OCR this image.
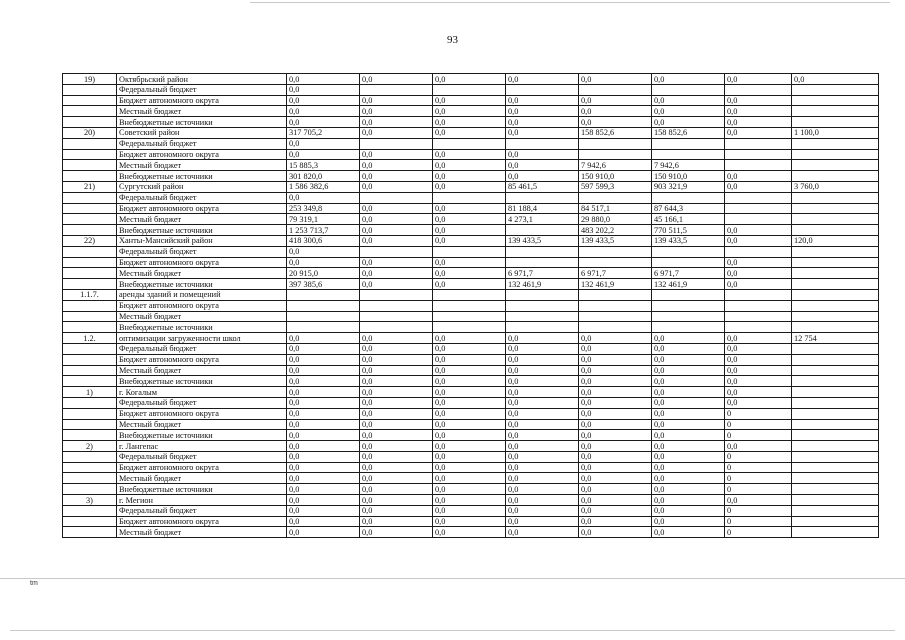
93
19)	Октябрьский район	0,0	0,0	0,0	0,0	0,0	0,0	0,0	0,0
	Федеральный бюджет	0,0							
	Бюджет автономного округа	0,0	0,0	0,0	0,0	0,0	0,0	0,0	
	Местный бюджет	0,0	0,0	0,0	0,0	0,0	0,0	0,0	
	Внебюджетные источники	0,0	0,0	0,0	0,0	0,0	0,0	0,0	
20)	Советский район	317 705,2	0,0	0,0	0,0	158 852,6	158 852,6	0,0	1 100,0
	Федеральный бюджет	0,0							
	Бюджет автономного округа	0,0	0,0	0,0	0,0				
	Местный бюджет	15 885,3	0,0	0,0	0,0	7 942,6	7 942,6		
	Внебюджетные источники	301 820,0	0,0	0,0	0,0	150 910,0	150 910,0	0,0	
21)	Сургутский район	1 586 382,6	0,0	0,0	85 461,5	597 599,3	903 321,9	0,0	3 760,0
	Федеральный бюджет	0,0							
	Бюджет автономного округа	253 349,8	0,0	0,0	81 188,4	84 517,1	87 644,3		
	Местный бюджет	79 319,1	0,0	0,0	4 273,1	29 880,0	45 166,1		
	Внебюджетные источники	1 253 713,7	0,0	0,0		483 202,2	770 511,5	0,0	
22)	Ханты-Мансийский район	418 300,6	0,0	0,0	139 433,5	139 433,5	139 433,5	0,0	120,0
	Федеральный бюджет	0,0							
	Бюджет автономного округа	0,0	0,0	0,0				0,0	
	Местный бюджет	20 915,0	0,0	0,0	6 971,7	6 971,7	6 971,7	0,0	
	Внебюджетные источники	397 385,6	0,0	0,0	132 461,9	132 461,9	132 461,9	0,0	
1.1.7.	аренды зданий и помещений								
	Бюджет автономного округа								
	Местный бюджет								
	Внебюджетные источники								
1.2.	оптимизации загруженности школ	0,0	0,0	0,0	0,0	0,0	0,0	0,0	12 754
	Федеральный бюджет	0,0	0,0	0,0	0,0	0,0	0,0	0,0	
	Бюджет автономного округа	0,0	0,0	0,0	0,0	0,0	0,0	0,0	
	Местный бюджет	0,0	0,0	0,0	0,0	0,0	0,0	0,0	
	Внебюджетные источники	0,0	0,0	0,0	0,0	0,0	0,0	0,0	
1)	г. Когалым	0,0	0,0	0,0	0,0	0,0	0,0	0,0	
	Федеральный бюджет	0,0	0,0	0,0	0,0	0,0	0,0	0,0	
	Бюджет автономного округа	0,0	0,0	0,0	0,0	0,0	0,0	0	
	Местный бюджет	0,0	0,0	0,0	0,0	0,0	0,0	0	
	Внебюджетные источники	0,0	0,0	0,0	0,0	0,0	0,0	0	
2)	г. Лангепас	0,0	0,0	0,0	0,0	0,0	0,0	0,0	
	Федеральный бюджет	0,0	0,0	0,0	0,0	0,0	0,0	0	
	Бюджет автономного округа	0,0	0,0	0,0	0,0	0,0	0,0	0	
	Местный бюджет	0,0	0,0	0,0	0,0	0,0	0,0	0	
	Внебюджетные источники	0,0	0,0	0,0	0,0	0,0	0,0	0	
3)	г. Мегион	0,0	0,0	0,0	0,0	0,0	0,0	0,0	
	Федеральный бюджет	0,0	0,0	0,0	0,0	0,0	0,0	0	
	Бюджет автономного округа	0,0	0,0	0,0	0,0	0,0	0,0	0	
	Местный бюджет	0,0	0,0	0,0	0,0	0,0	0,0	0	
tm
